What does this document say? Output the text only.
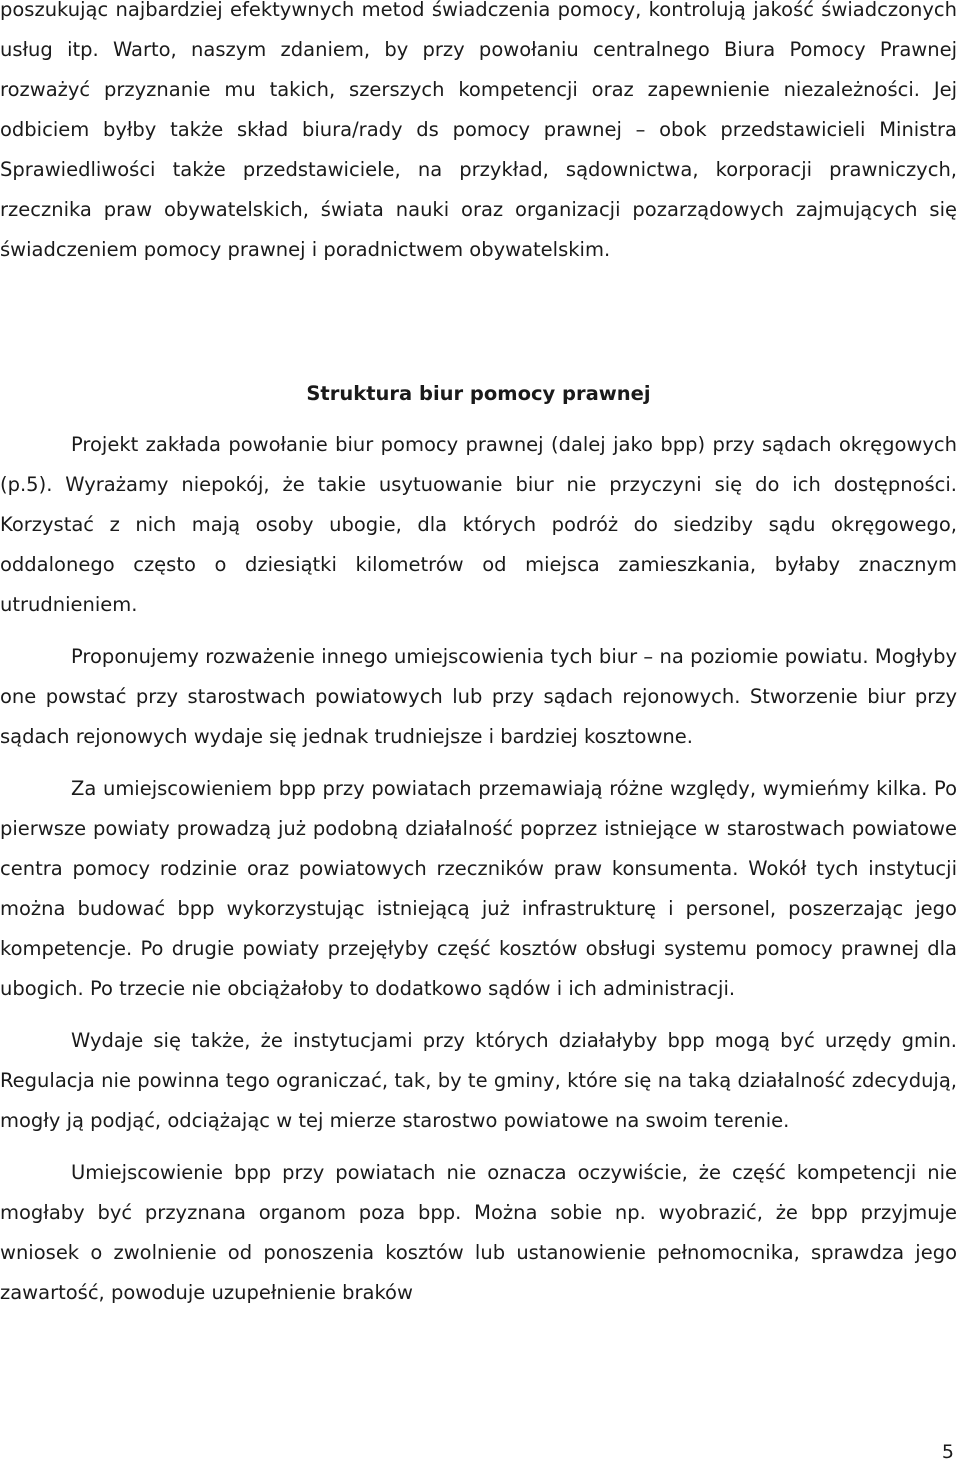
poszukując najbardziej efektywnych metod świadczenia pomocy, kontrolują jakość świadczonych usług itp. Warto, naszym zdaniem, by przy powołaniu centralnego Biura Pomocy Prawnej rozważyć przyznanie mu takich, szerszych kompetencji oraz zapewnienie niezależności. Jej odbiciem byłby także skład biura/rady ds pomocy prawnej – obok przedstawicieli Ministra Sprawiedliwości także przedstawiciele, na przykład, sądownictwa, korporacji prawniczych, rzecznika praw obywatelskich, świata nauki oraz organizacji pozarządowych zajmujących się świadczeniem pomocy prawnej i poradnictwem obywatelskim.

Struktura biur pomocy prawnej

Projekt zakłada powołanie biur pomocy prawnej (dalej jako bpp) przy sądach okręgowych (p.5). Wyrażamy niepokój, że takie usytuowanie biur nie przyczyni się do ich dostępności. Korzystać z nich mają osoby ubogie, dla których podróż do siedziby sądu okręgowego, oddalonego często o dziesiątki kilometrów od miejsca zamieszkania, byłaby znacznym utrudnieniem.

Proponujemy rozważenie innego umiejscowienia tych biur – na poziomie powiatu. Mogłyby one powstać przy starostwach powiatowych lub przy sądach rejonowych. Stworzenie biur przy sądach rejonowych wydaje się jednak trudniejsze i bardziej kosztowne.

Za umiejscowieniem bpp przy powiatach przemawiają różne względy, wymieńmy kilka. Po pierwsze powiaty prowadzą już podobną działalność poprzez istniejące w starostwach powiatowe centra pomocy rodzinie oraz powiatowych rzeczników praw konsumenta. Wokół tych instytucji można budować bpp wykorzystując istniejącą już infrastrukturę i personel, poszerzając jego kompetencje. Po drugie powiaty przejęłyby część kosztów obsługi systemu pomocy prawnej dla ubogich. Po trzecie nie obciążałoby to dodatkowo sądów i ich administracji.

Wydaje się także, że instytucjami przy których działałyby bpp mogą być urzędy gmin. Regulacja nie powinna tego ograniczać, tak, by te gminy, które się na taką działalność zdecydują, mogły ją podjąć, odciążając w tej mierze starostwo powiatowe na swoim terenie.

Umiejscowienie bpp przy powiatach nie oznacza oczywiście, że część kompetencji nie mogłaby być przyznana organom poza bpp. Można sobie np. wyobrazić, że bpp przyjmuje wniosek o zwolnienie od ponoszenia kosztów lub ustanowienie pełnomocnika, sprawdza jego zawartość, powoduje uzupełnienie braków

5
